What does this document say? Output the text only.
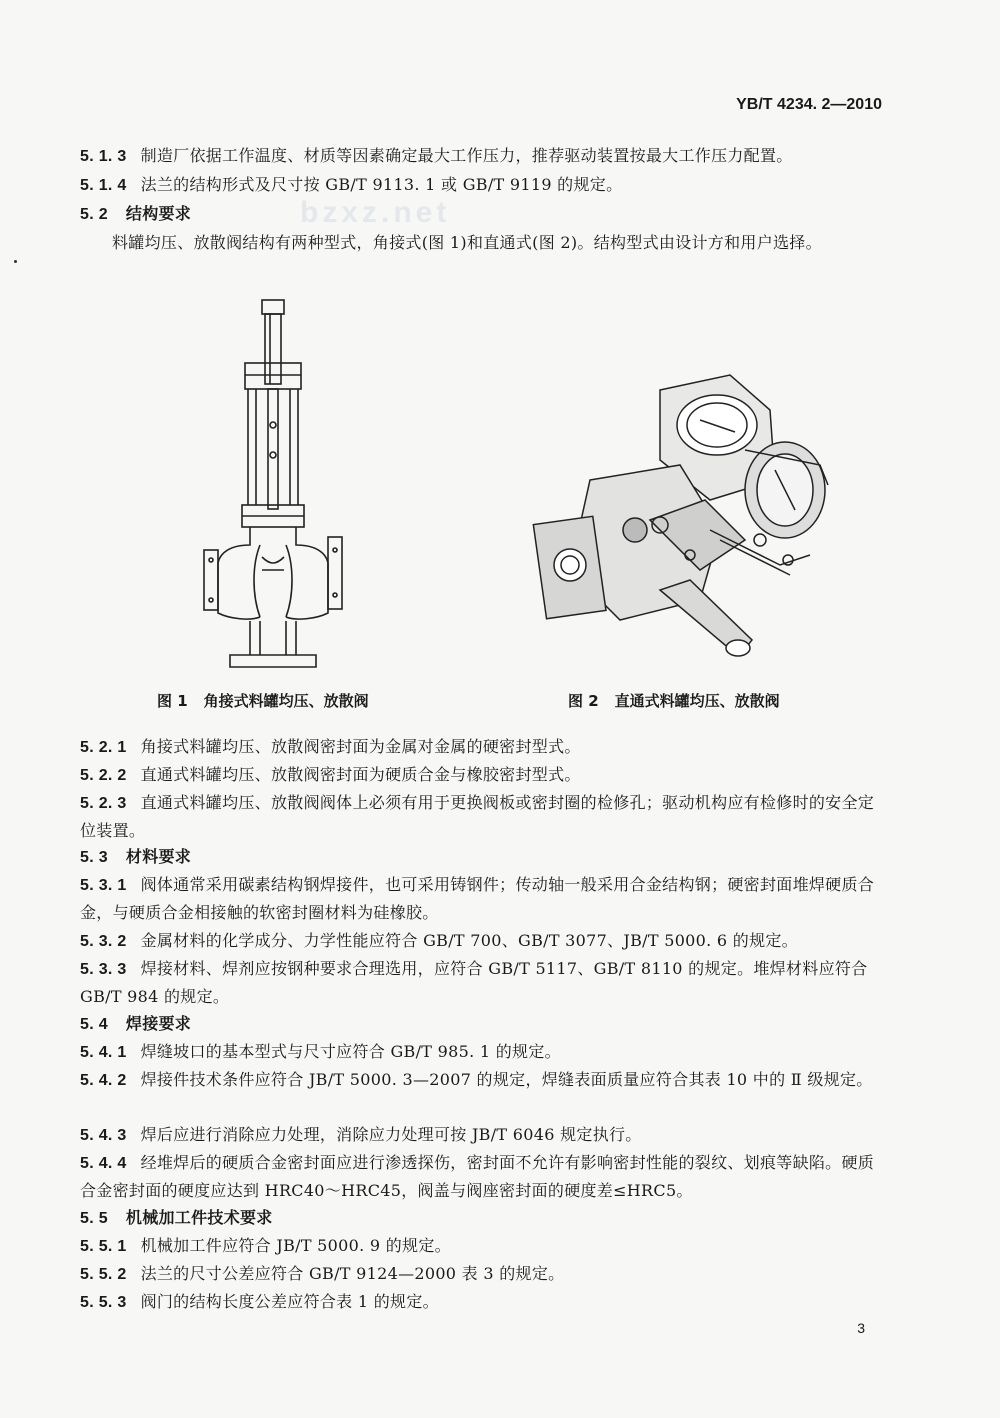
bzxz.net
YB/T 4234. 2—2010
5. 1. 3 制造厂依据工作温度、材质等因素确定最大工作压力，推荐驱动装置按最大工作压力配置。
5. 1. 4 法兰的结构形式及尺寸按 GB/T 9113. 1 或 GB/T 9119 的规定。
5. 2 结构要求
料罐均压、放散阀结构有两种型式，角接式(图 1)和直通式(图 2)。结构型式由设计方和用户选择。
图 1 角接式料罐均压、放散阀	图 2 直通式料罐均压、放散阀
5. 2. 1 角接式料罐均压、放散阀密封面为金属对金属的硬密封型式。
5. 2. 2 直通式料罐均压、放散阀密封面为硬质合金与橡胶密封型式。
5. 2. 3 直通式料罐均压、放散阀阀体上必须有用于更换阀板或密封圈的检修孔；驱动机构应有检修时的安全定位装置。
5. 3 材料要求
5. 3. 1 阀体通常采用碳素结构钢焊接件，也可采用铸钢件；传动轴一般采用合金结构钢；硬密封面堆焊硬质合金，与硬质合金相接触的软密封圈材料为硅橡胶。
5. 3. 2 金属材料的化学成分、力学性能应符合 GB/T 700、GB/T 3077、JB/T 5000. 6 的规定。
5. 3. 3 焊接材料、焊剂应按钢种要求合理选用，应符合 GB/T 5117、GB/T 8110 的规定。堆焊材料应符合 GB/T 984 的规定。
5. 4 焊接要求
5. 4. 1 焊缝坡口的基本型式与尺寸应符合 GB/T 985. 1 的规定。
5. 4. 2 焊接件技术条件应符合 JB/T 5000. 3—2007 的规定，焊缝表面质量应符合其表 10 中的 Ⅱ 级规定。
5. 4. 3 焊后应进行消除应力处理，消除应力处理可按 JB/T 6046 规定执行。
5. 4. 4 经堆焊后的硬质合金密封面应进行渗透探伤，密封面不允许有影响密封性能的裂纹、划痕等缺陷。硬质合金密封面的硬度应达到 HRC40～HRC45，阀盖与阀座密封面的硬度差≤HRC5。
5. 5 机械加工件技术要求
5. 5. 1 机械加工件应符合 JB/T 5000. 9 的规定。
5. 5. 2 法兰的尺寸公差应符合 GB/T 9124—2000 表 3 的规定。
5. 5. 3 阀门的结构长度公差应符合表 1 的规定。
3
